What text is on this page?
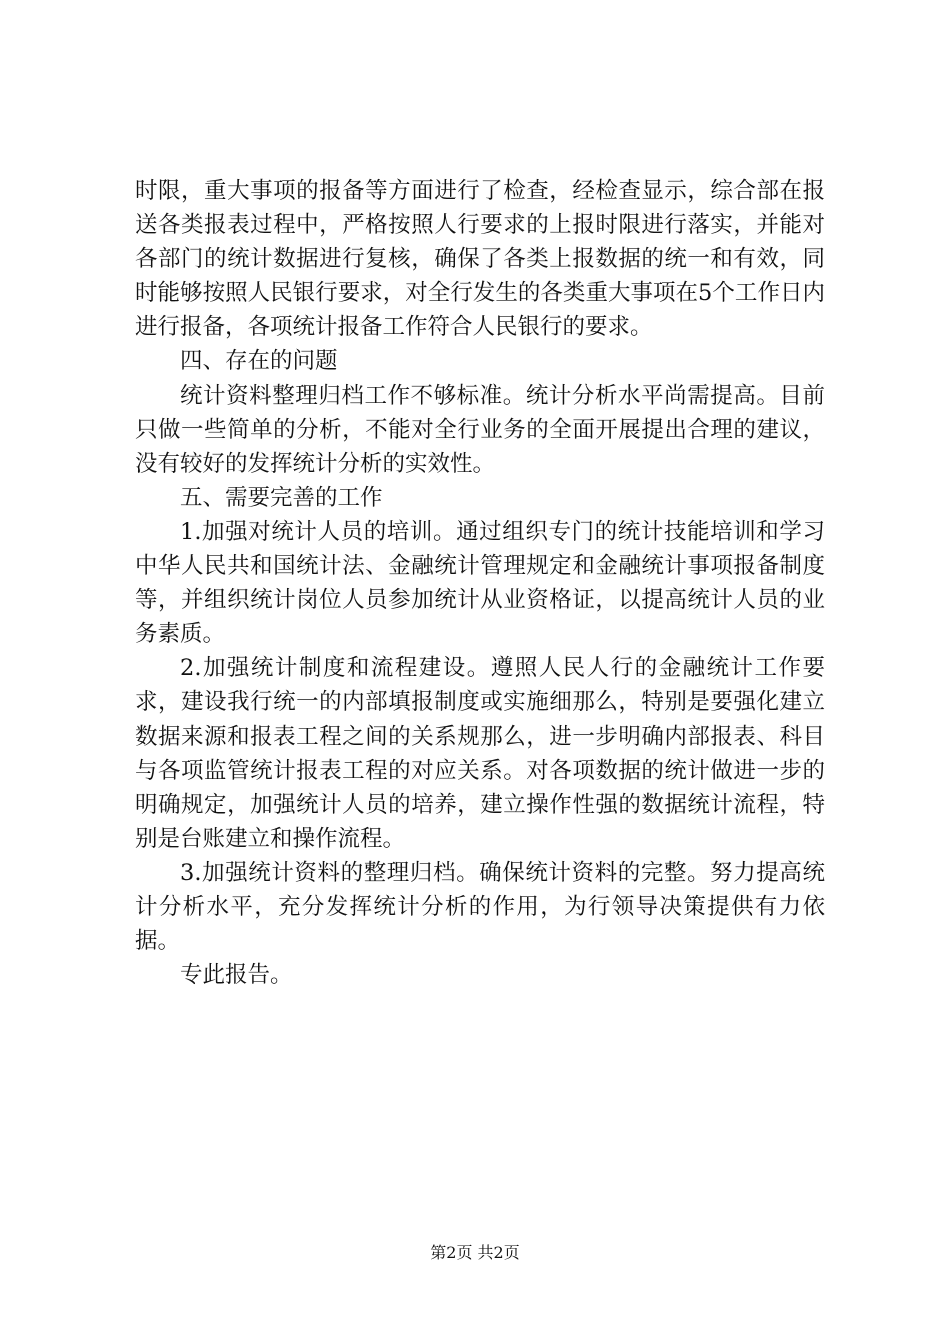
时限，重大事项的报备等方面进行了检查，经检查显示，综合部在报送各类报表过程中，严格按照人行要求的上报时限进行落实，并能对各部门的统计数据进行复核，确保了各类上报数据的统一和有效，同时能够按照人民银行要求，对全行发生的各类重大事项在5个工作日内进行报备，各项统计报备工作符合人民银行的要求。

四、存在的问题

统计资料整理归档工作不够标准。统计分析水平尚需提高。目前只做一些简单的分析，不能对全行业务的全面开展提出合理的建议，没有较好的发挥统计分析的实效性。

五、需要完善的工作

1.加强对统计人员的培训。通过组织专门的统计技能培训和学习中华人民共和国统计法、金融统计管理规定和金融统计事项报备制度等，并组织统计岗位人员参加统计从业资格证，以提高统计人员的业务素质。

2.加强统计制度和流程建设。遵照人民人行的金融统计工作要求，建设我行统一的内部填报制度或实施细那么，特别是要强化建立数据来源和报表工程之间的关系规那么，进一步明确内部报表、科目与各项监管统计报表工程的对应关系。对各项数据的统计做进一步的明确规定，加强统计人员的培养，建立操作性强的数据统计流程，特别是台账建立和操作流程。

3.加强统计资料的整理归档。确保统计资料的完整。努力提高统计分析水平，充分发挥统计分析的作用，为行领导决策提供有力依据。

专此报告。

第2页 共2页
